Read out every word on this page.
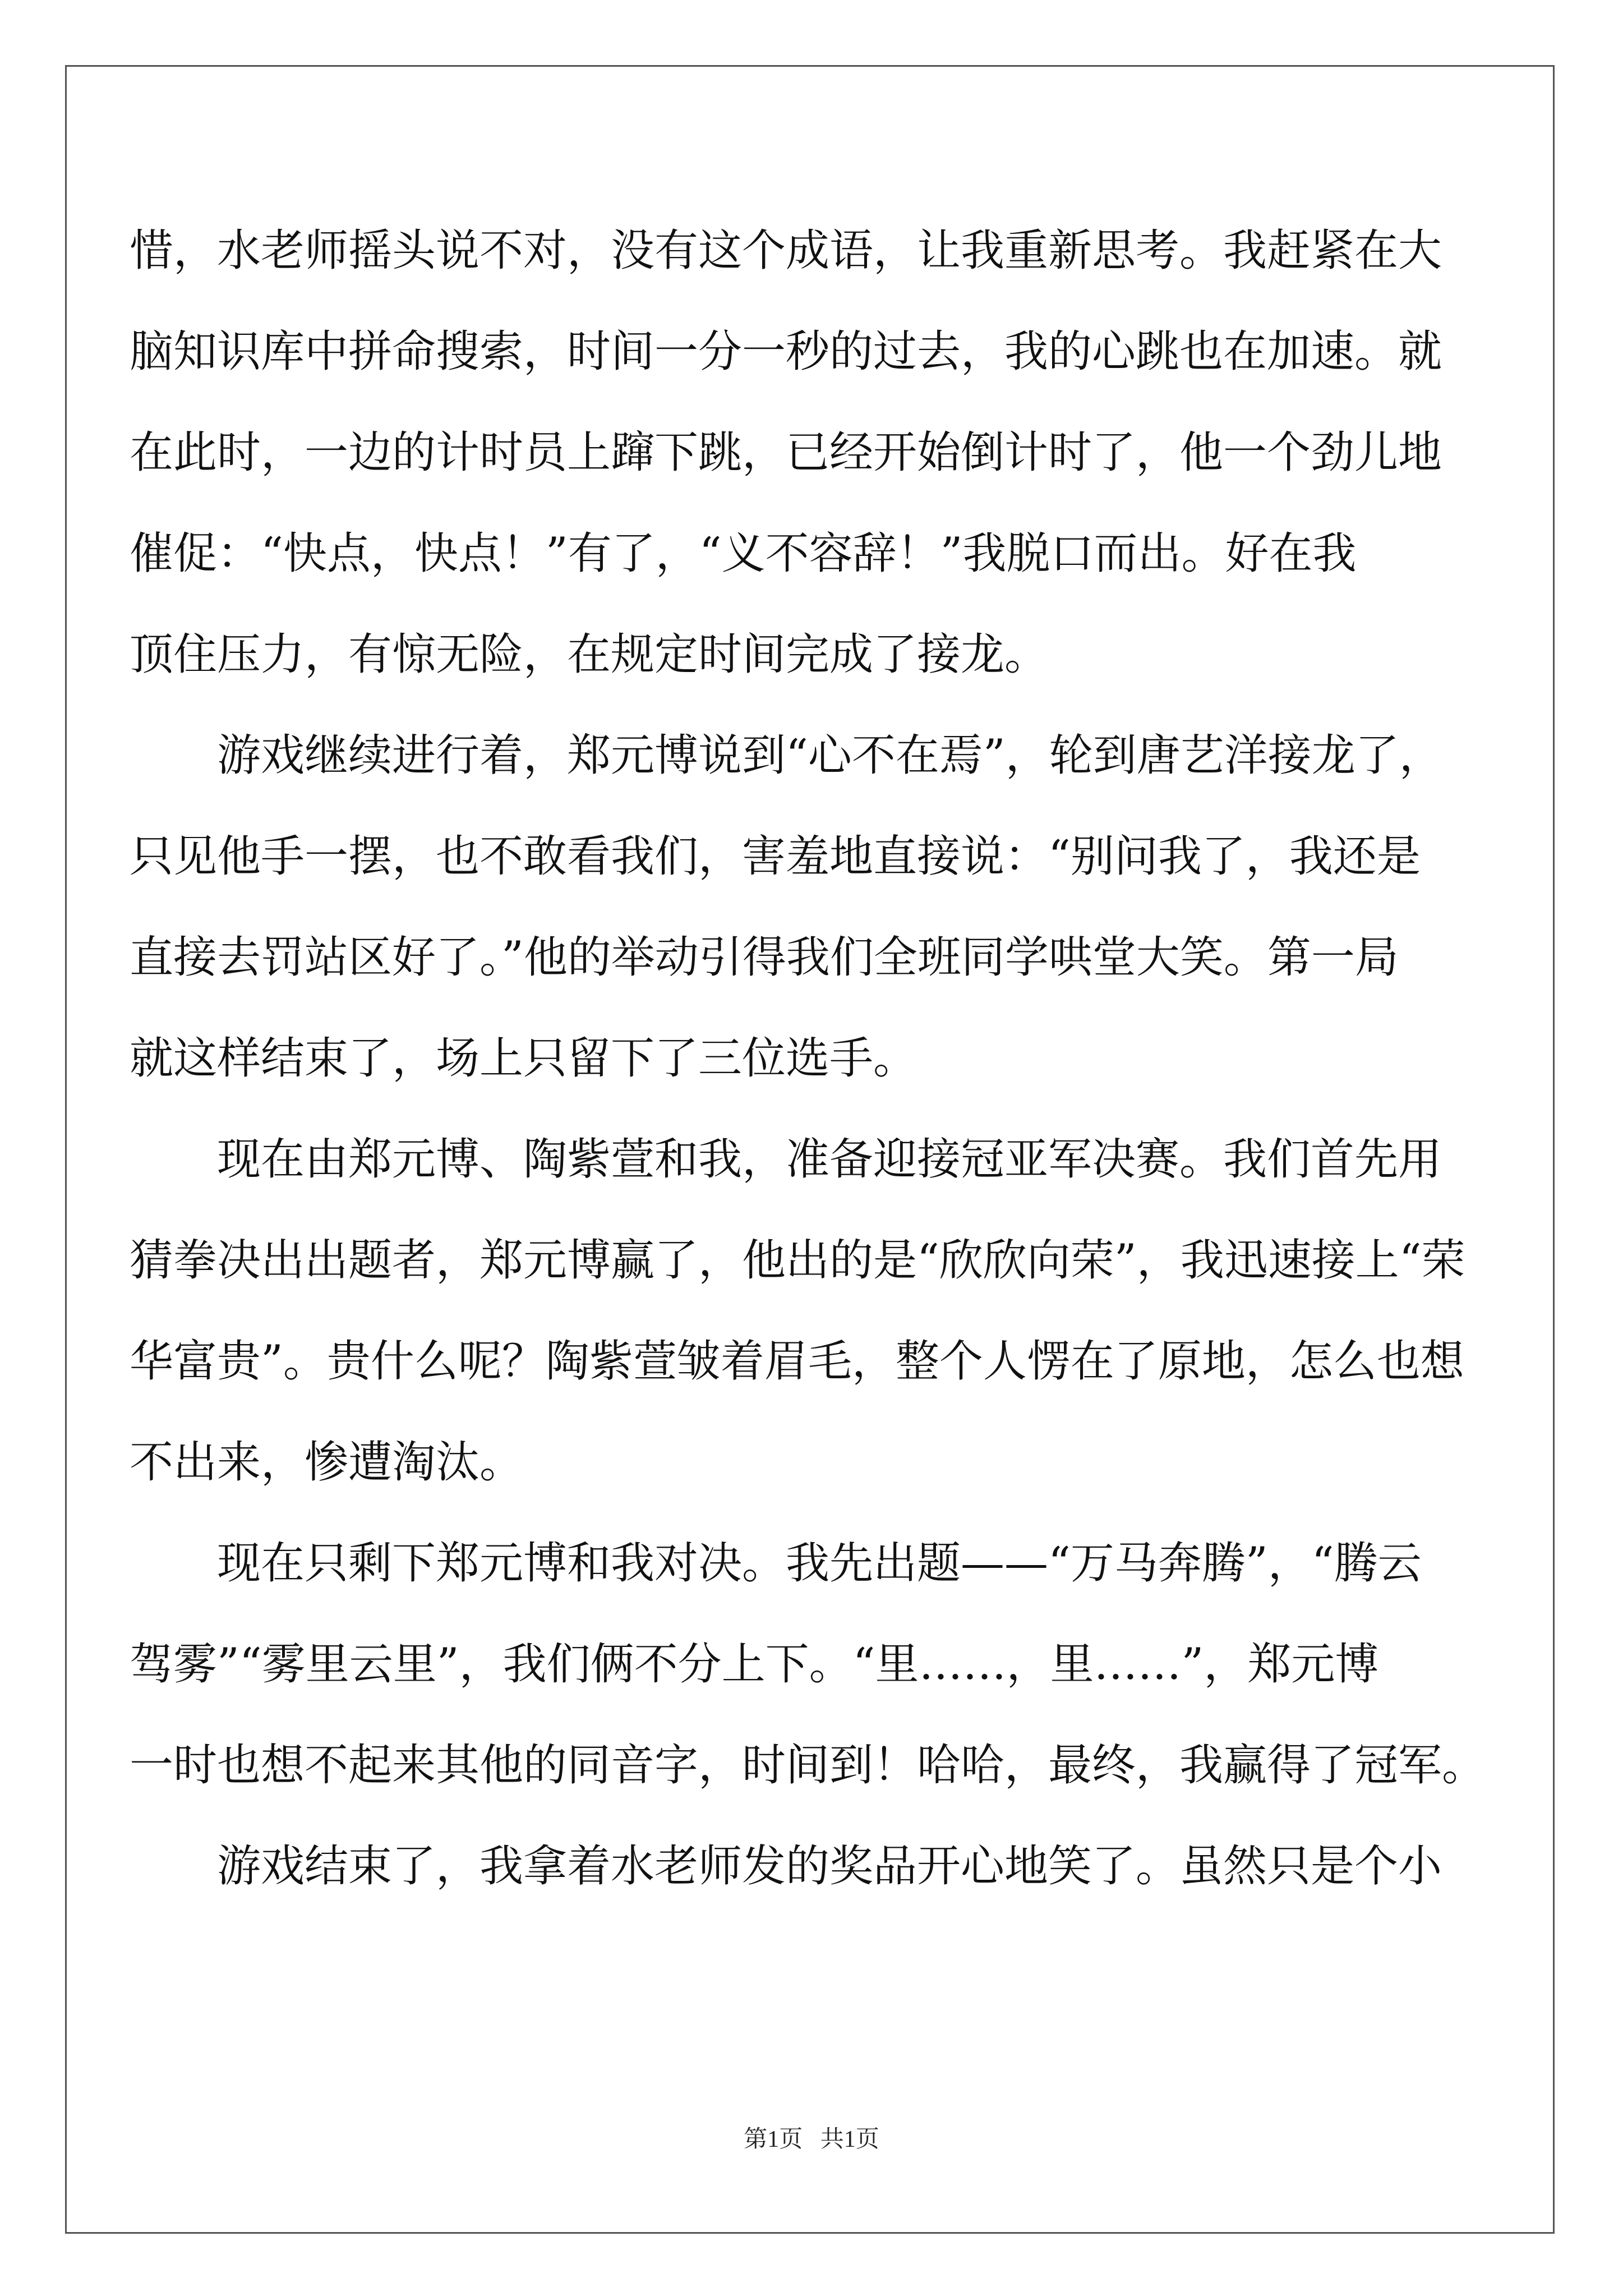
惜，水老师摇头说不对，没有这个成语，让我重新思考。我赶紧在大
脑知识库中拼命搜索，时间一分一秒的过去，我的心跳也在加速。就
在此时，一边的计时员上蹿下跳，已经开始倒计时了，他一个劲儿地
催促：“快点，快点！”有了，“义不容辞！”我脱口而出。好在我
顶住压力，有惊无险，在规定时间完成了接龙。
游戏继续进行着，郑元博说到“心不在焉”，轮到唐艺洋接龙了，
只见他手一摆，也不敢看我们，害羞地直接说：“别问我了，我还是
直接去罚站区好了。”他的举动引得我们全班同学哄堂大笑。第一局
就这样结束了，场上只留下了三位选手。
现在由郑元博、陶紫萱和我，准备迎接冠亚军决赛。我们首先用
猜拳决出出题者，郑元博赢了，他出的是“欣欣向荣”，我迅速接上“荣
华富贵”。贵什么呢？陶紫萱皱着眉毛，整个人愣在了原地，怎么也想
不出来，惨遭淘汰。
现在只剩下郑元博和我对决。我先出题——“万马奔腾”，“腾云
驾雾”“雾里云里”，我们俩不分上下。“里……，里……”，郑元博
一时也想不起来其他的同音字，时间到！哈哈，最终，我赢得了冠军。
游戏结束了，我拿着水老师发的奖品开心地笑了。虽然只是个小
第1页   共1页
